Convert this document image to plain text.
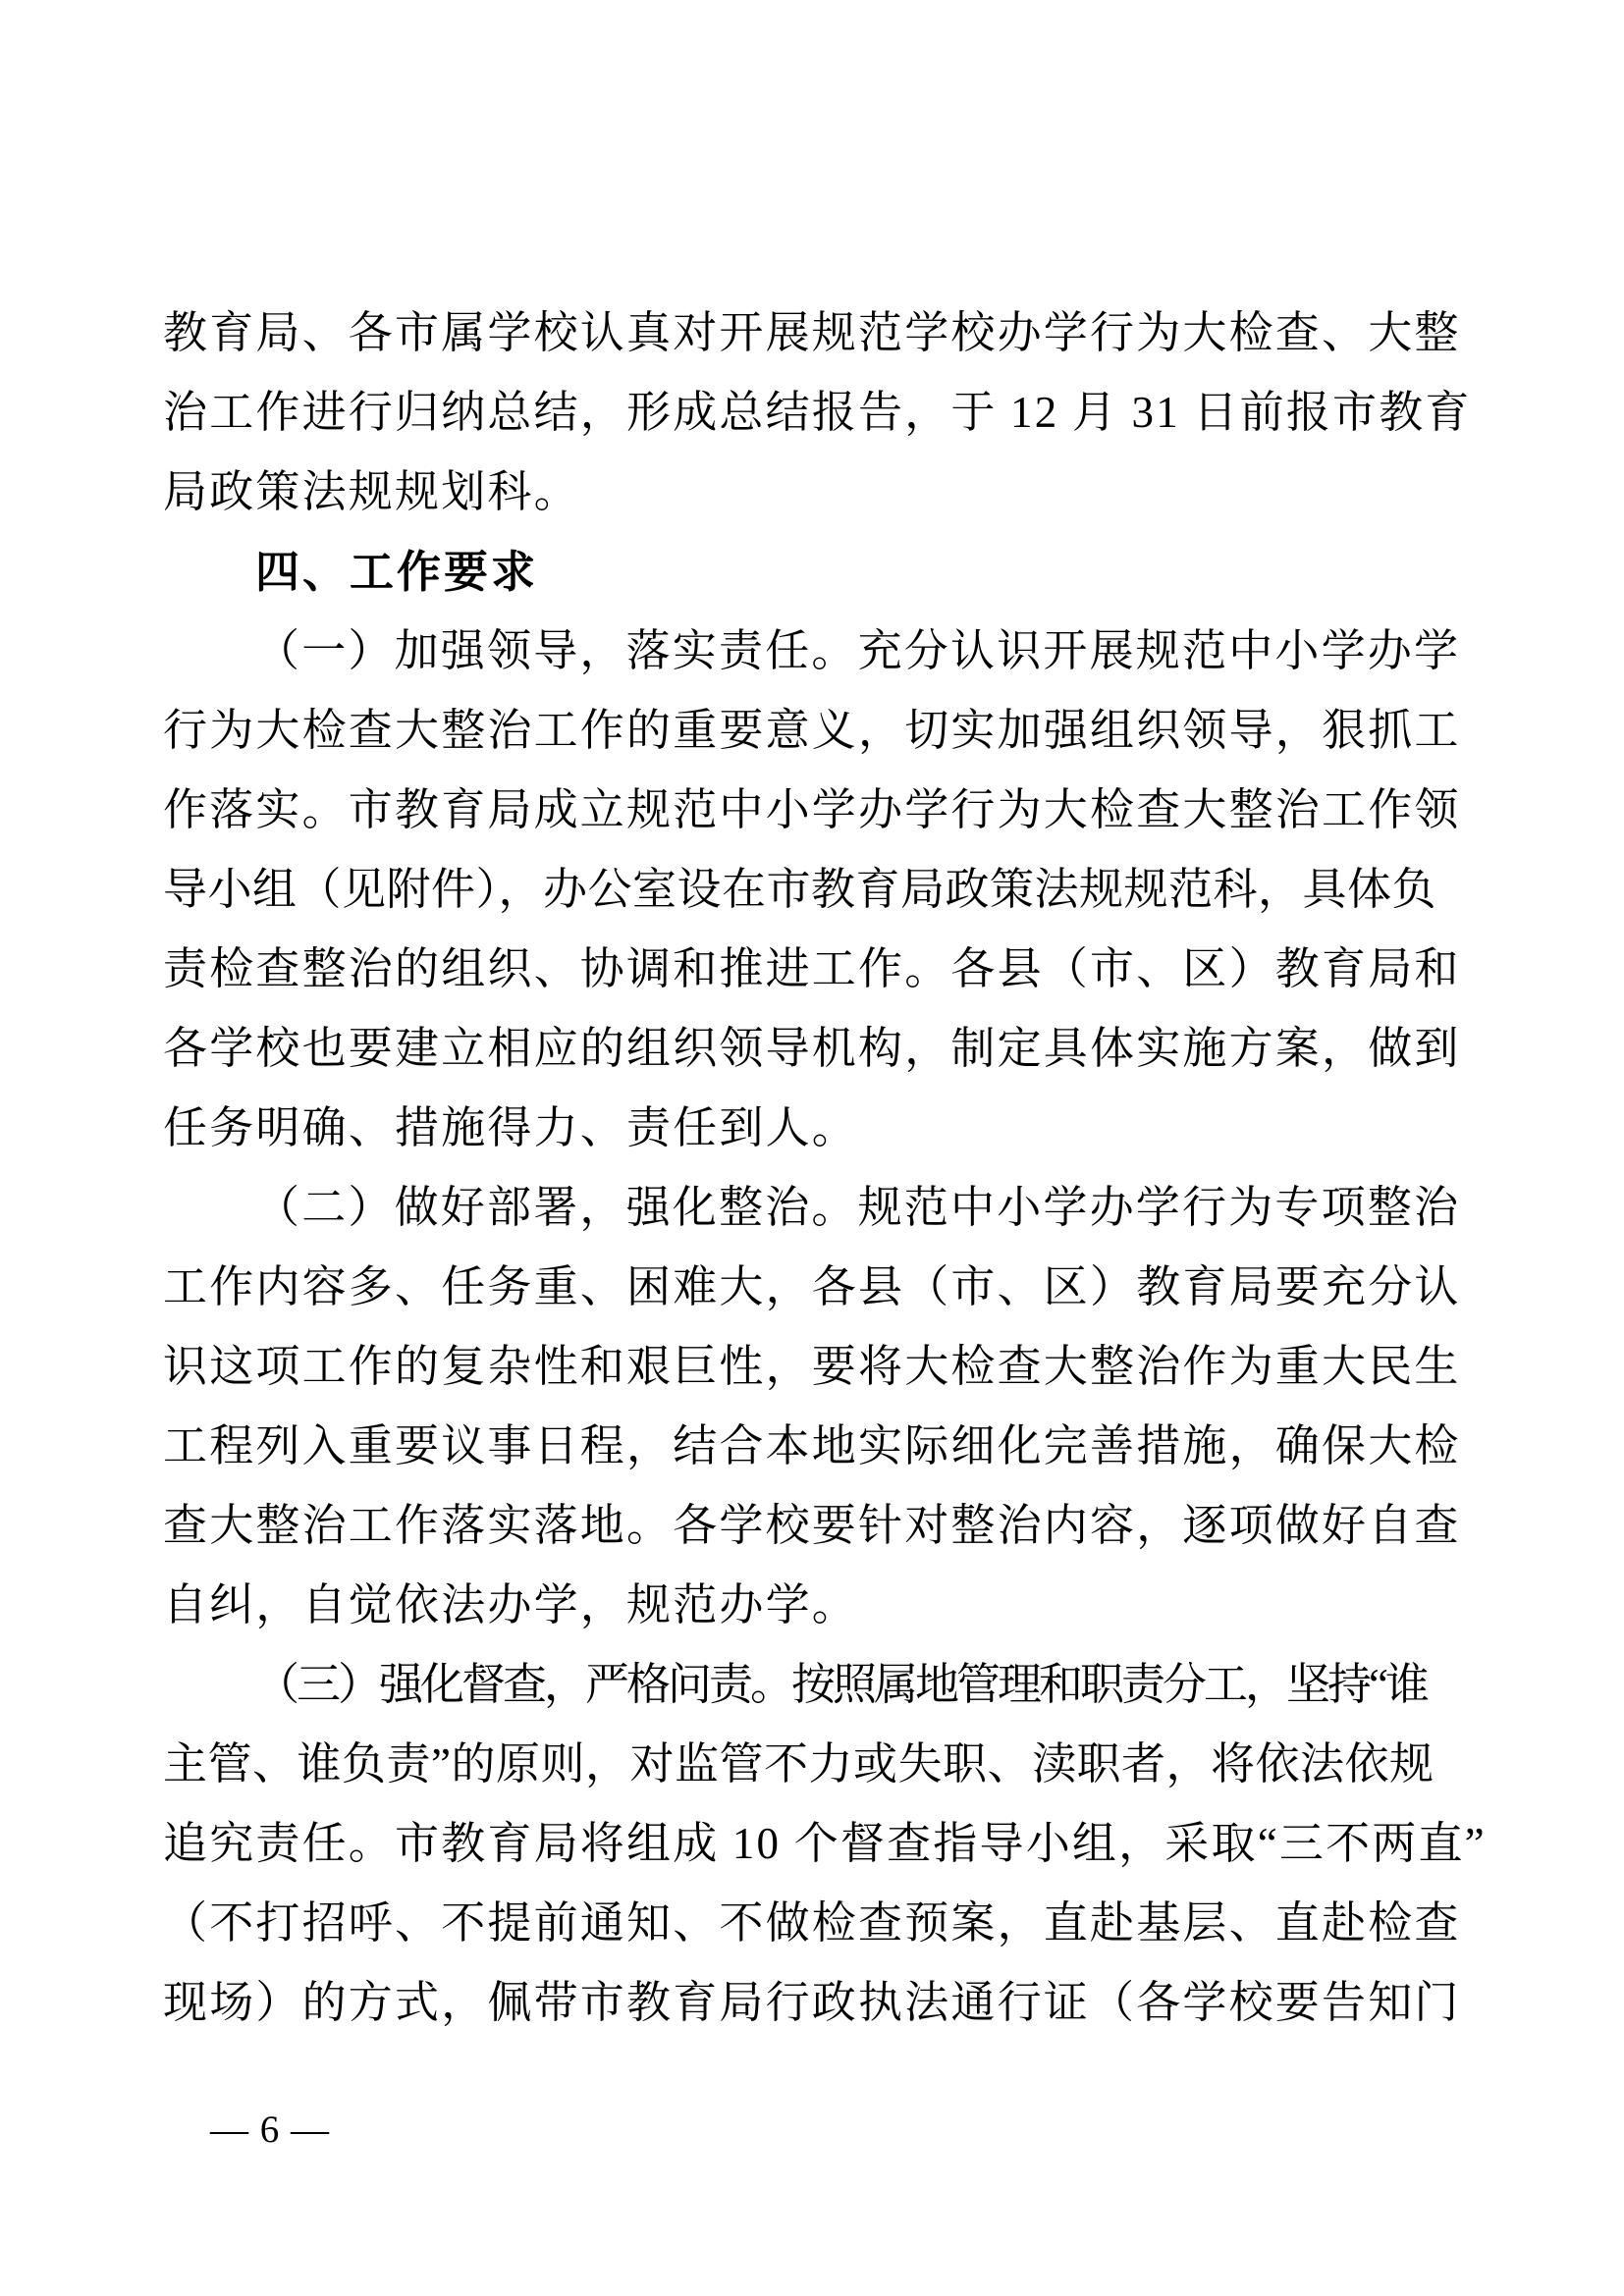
教育局、各市属学校认真对开展规范学校办学行为大检查、大整
治工作进行归纳总结，形成总结报告，于 12 月 31 日前报市教育
局政策法规规划科。
四、工作要求
（一）加强领导，落实责任。充分认识开展规范中小学办学
行为大检查大整治工作的重要意义，切实加强组织领导，狠抓工
作落实。市教育局成立规范中小学办学行为大检查大整治工作领
导小组（见附件），办公室设在市教育局政策法规规范科，具体负
责检查整治的组织、协调和推进工作。各县（市、区）教育局和
各学校也要建立相应的组织领导机构，制定具体实施方案，做到
任务明确、措施得力、责任到人。
（二）做好部署，强化整治。规范中小学办学行为专项整治
工作内容多、任务重、困难大，各县（市、区）教育局要充分认
识这项工作的复杂性和艰巨性，要将大检查大整治作为重大民生
工程列入重要议事日程，结合本地实际细化完善措施，确保大检
查大整治工作落实落地。各学校要针对整治内容，逐项做好自查
自纠，自觉依法办学，规范办学。
（三）强化督查，严格问责。按照属地管理和职责分工，坚持“谁
主管、谁负责”的原则，对监管不力或失职、渎职者，将依法依规
追究责任。市教育局将组成 10 个督查指导小组，采取“三不两直”
（不打招呼、不提前通知、不做检查预案，直赴基层、直赴检查
现场）的方式，佩带市教育局行政执法通行证（各学校要告知门
— 6 —
